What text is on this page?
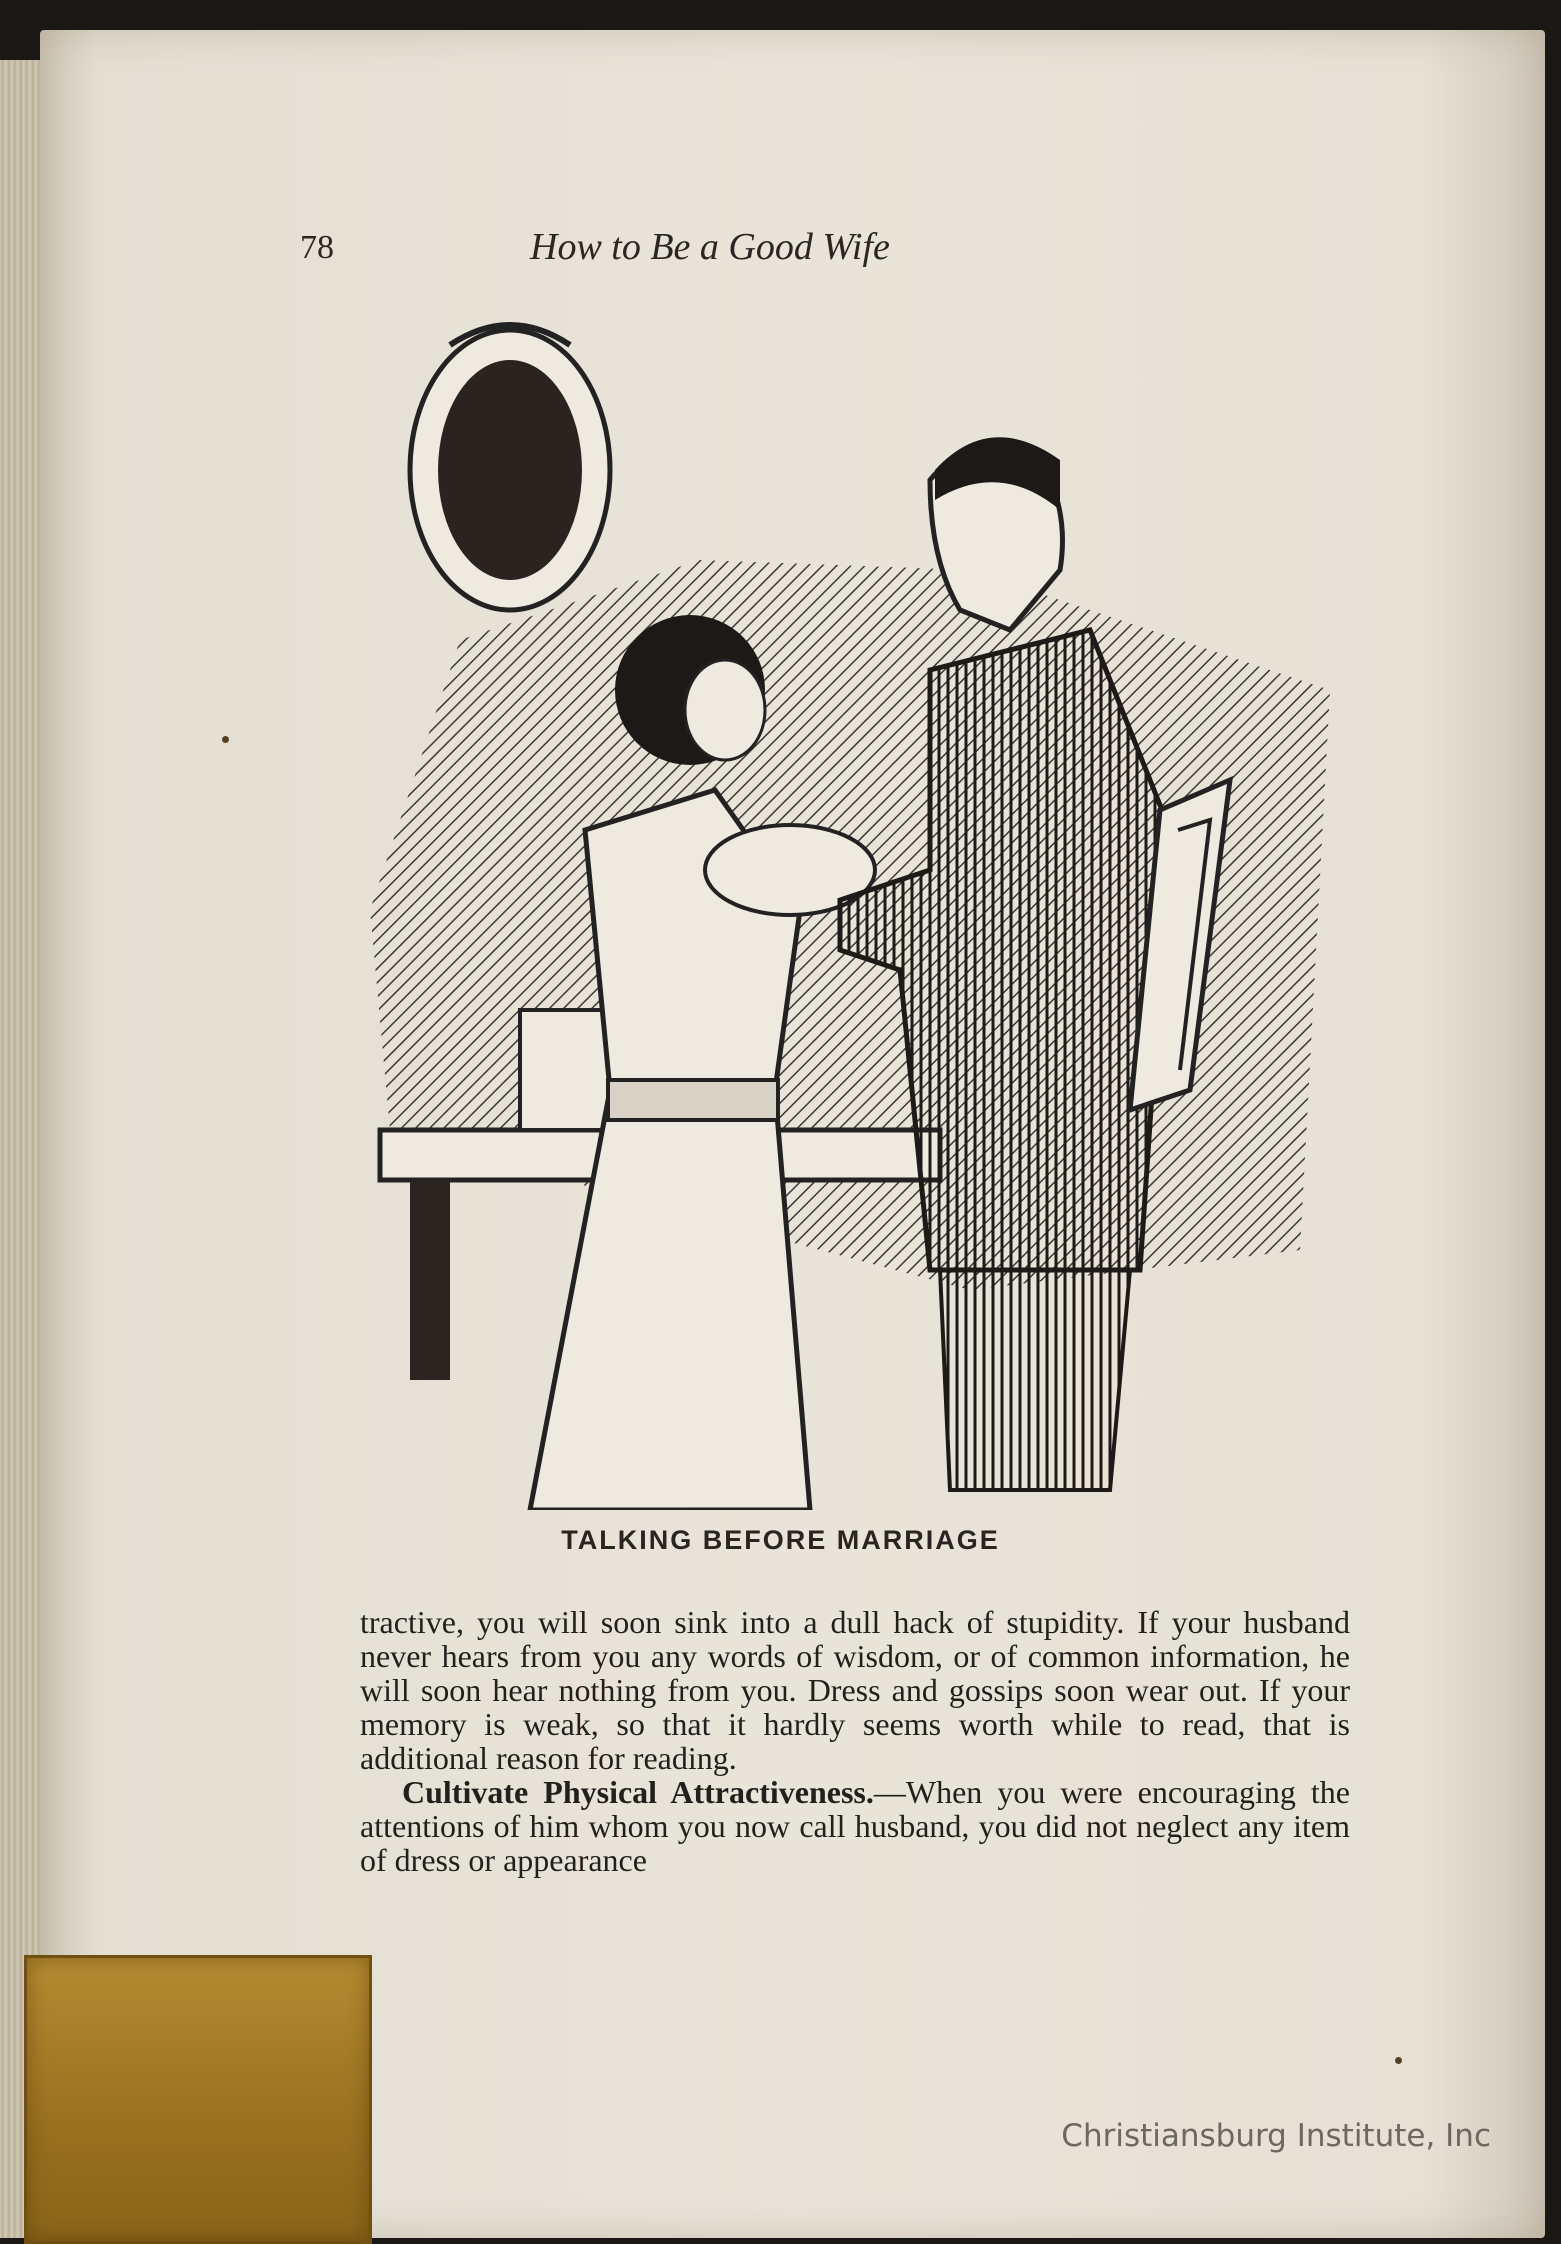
78	How to Be a Good Wife
TALKING BEFORE MARRIAGE

tractive, you will soon sink into a dull hack of stupidity. If your husband never hears from you any words of wisdom, or of common information, he will soon hear nothing from you. Dress and gossips soon wear out. If your memory is weak, so that it hardly seems worth while to read, that is additional reason for reading.

Cultivate Physical Attractiveness.—When you were encouraging the attentions of him whom you now call husband, you did not neglect any item of dress or appearance

Christiansburg Institute, Inc
